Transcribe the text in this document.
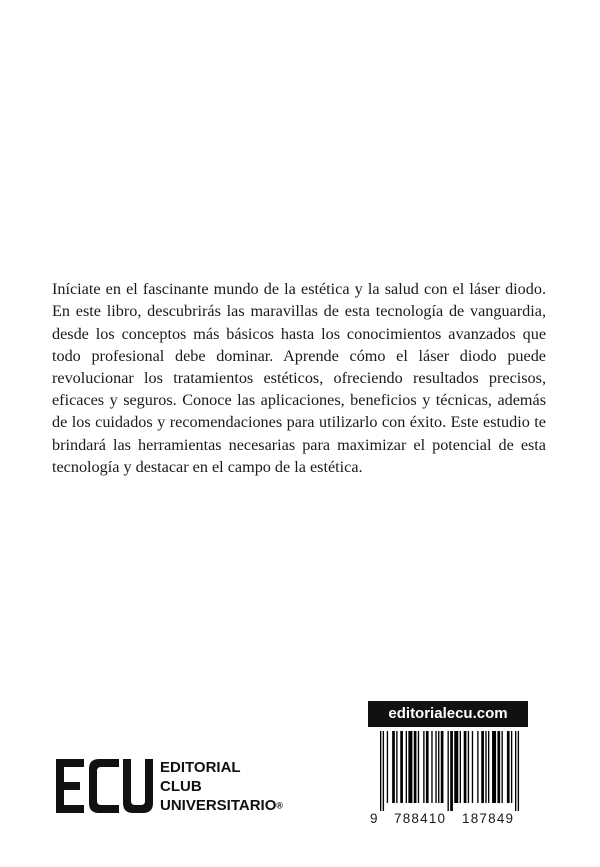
Iníciate en el fascinante mundo de la estética y la salud con el láser diodo. En este libro, descubrirás las maravillas de esta tecnología de vanguardia, desde los conceptos más básicos hasta los conocimientos avanzados que todo profesional debe dominar. Aprende cómo el láser diodo puede revolucionar los tratamientos estéticos, ofreciendo resultados precisos, eficaces y seguros. Conoce las aplicaciones, beneficios y técnicas, además de los cuidados y recomendaciones para utilizarlo con éxito. Este estudio te brindará las herramientas necesarias para maximizar el potencial de esta tecnología y destacar en el campo de la estética.

editorialecu.com
9 788410 187849
EDITORIAL
CLUB
UNIVERSITARIO®
